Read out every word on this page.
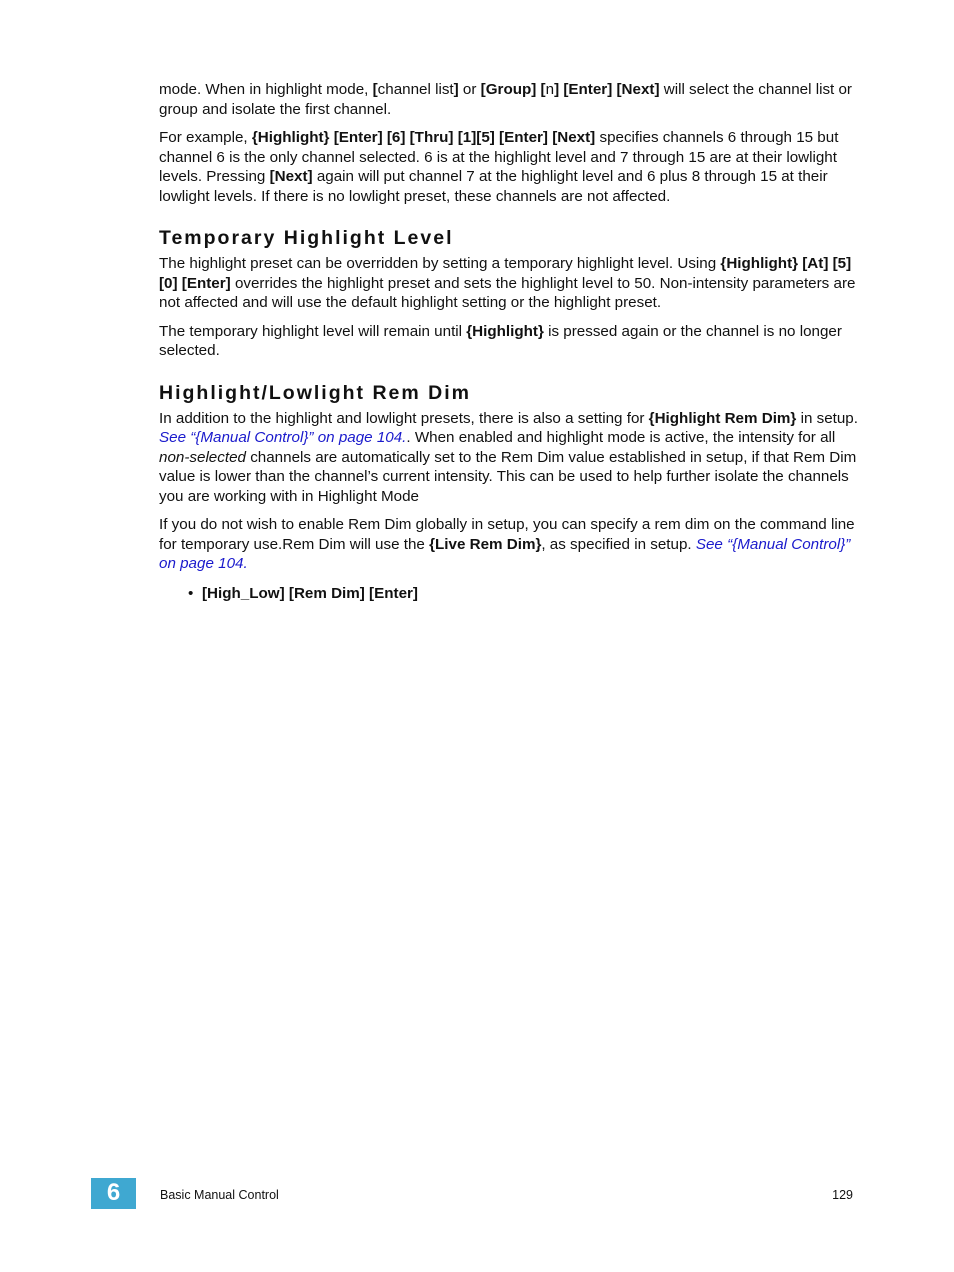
mode. When in highlight mode, [channel list] or [Group] [n] [Enter] [Next] will select the channel list or group and isolate the first channel.

For example, {Highlight} [Enter] [6] [Thru] [1][5] [Enter] [Next] specifies channels 6 through 15 but channel 6 is the only channel selected. 6 is at the highlight level and 7 through 15 are at their lowlight levels. Pressing [Next] again will put channel 7 at the highlight level and 6 plus 8 through 15 at their lowlight levels. If there is no lowlight preset, these channels are not affected.

Temporary Highlight Level

The highlight preset can be overridden by setting a temporary highlight level. Using {Highlight} [At] [5][0] [Enter] overrides the highlight preset and sets the highlight level to 50. Non-intensity parameters are not affected and will use the default highlight setting or the highlight preset.

The temporary highlight level will remain until {Highlight} is pressed again or the channel is no longer selected.

Highlight/Lowlight Rem Dim

In addition to the highlight and lowlight presets, there is also a setting for {Highlight Rem Dim} in setup. See “{Manual Control}” on page 104.. When enabled and highlight mode is active, the intensity for all non-selected channels are automatically set to the Rem Dim value established in setup, if that Rem Dim value is lower than the channel’s current intensity. This can be used to help further isolate the channels you are working with in Highlight Mode

If you do not wish to enable Rem Dim globally in setup, you can specify a rem dim on the command line for temporary use.Rem Dim will use the {Live Rem Dim}, as specified in setup. See “{Manual Control}” on page 104.

• [High_Low] [Rem Dim] [Enter]
6	Basic Manual Control	129
